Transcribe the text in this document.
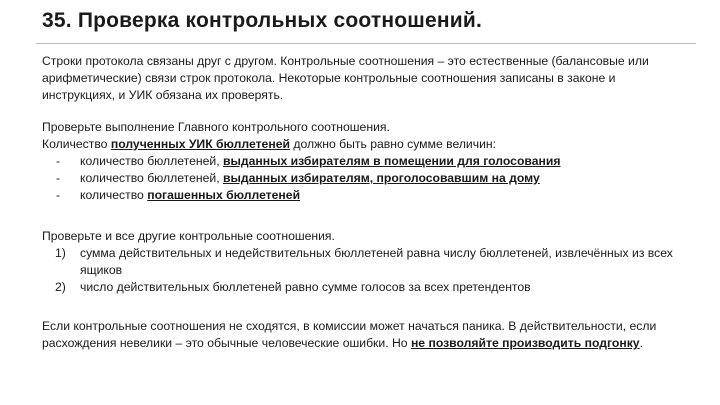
35. Проверка контрольных соотношений.

Строки протокола связаны друг с другом. Контрольные соотношения – это естественные (балансовые или арифметические) связи строк протокола. Некоторые контрольные соотношения записаны в законе и инструкциях, и УИК обязана их проверять.

Проверьте выполнение Главного контрольного соотношения.

Количество полученных УИК бюллетеней должно быть равно сумме величин:

- количество бюллетеней, выданных избирателям в помещении для голосования

- количество бюллетеней, выданных избирателям, проголосовавшим на дому

- количество погашенных бюллетеней

Проверьте и все другие контрольные соотношения.

1) сумма действительных и недействительных бюллетеней равна числу бюллетеней, извлечённых из всех ящиков

2) число действительных бюллетеней равно сумме голосов за всех претендентов

Если контрольные соотношения не сходятся, в комиссии может начаться паника. В действительности, если расхождения невелики – это обычные человеческие ошибки. Но не позволяйте производить подгонку.
